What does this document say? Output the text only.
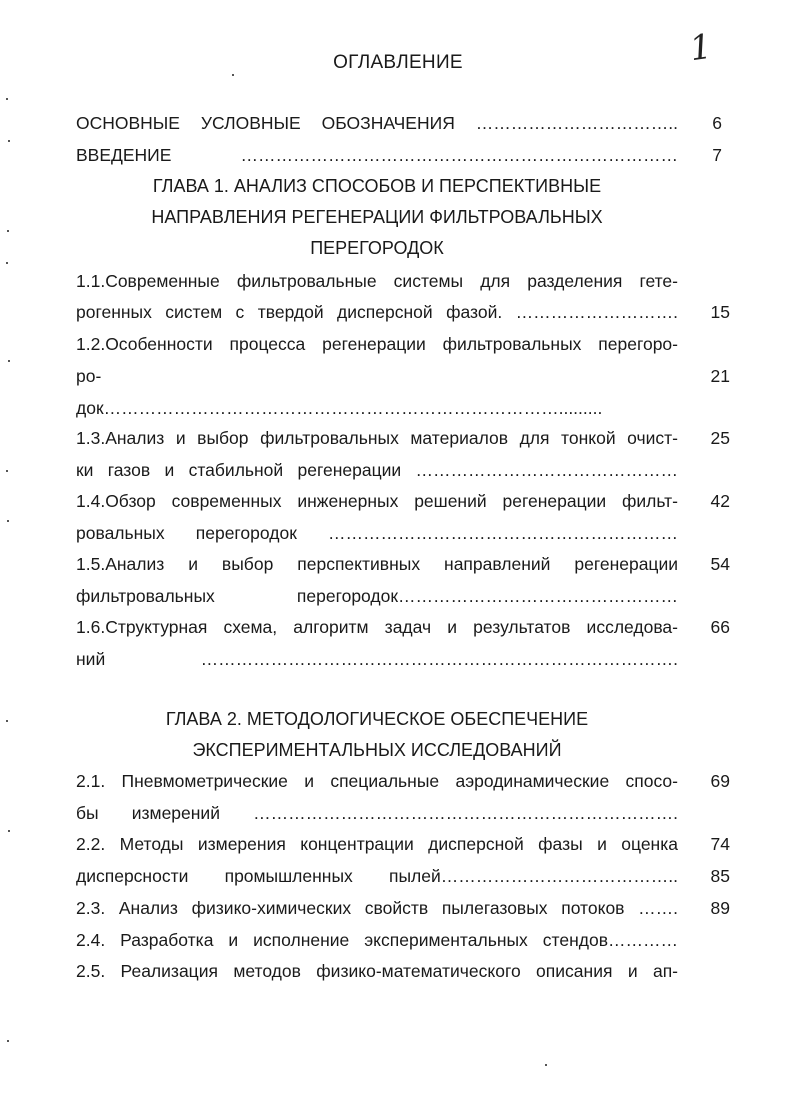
1
ОГЛАВЛЕНИЕ
ОСНОВНЫЕ УСЛОВНЫЕ ОБОЗНАЧЕНИЯ ……………………………..	6
ВВЕДЕНИЕ …………………………………………………………………	7
ГЛАВА 1. АНАЛИЗ СПОСОБОВ И ПЕРСПЕКТИВНЫЕ
НАПРАВЛЕНИЯ РЕГЕНЕРАЦИИ ФИЛЬТРОВАЛЬНЫХ
ПЕРЕГОРОДОК
1.1.Современные фильтровальные системы для разделения гете-
рогенных систем с твердой дисперсной фазой. ……………………….	15
1.2.Особенности процесса регенерации фильтровальных перегоро-
ро-	21
док…………………………………………………………………….........
1.3.Анализ и выбор фильтровальных материалов для тонкой очист-	25
ки газов и стабильной регенерации ………………………………………
1.4.Обзор современных инженерных решений регенерации фильт-	42
ровальных перегородок ……………………………………………………
1.5.Анализ и выбор перспективных направлений регенерации	54
фильтровальных перегородок…………………………………………
1.6.Структурная схема, алгоритм задач и результатов исследова-	66
ний ……………………………………………………………………….
ГЛАВА 2. МЕТОДОЛОГИЧЕСКОЕ ОБЕСПЕЧЕНИЕ
ЭКСПЕРИМЕНТАЛЬНЫХ ИССЛЕДОВАНИЙ
2.1. Пневмометрические и специальные аэродинамические спосо-	69
бы измерений ……………………………………………………………….
2.2. Методы измерения концентрации дисперсной фазы и оценка	74
дисперсности промышленных пылей…………………………………..	85
2.3. Анализ физико-химических свойств пылегазовых потоков …….	89
2.4. Разработка и исполнение экспериментальных стендов…………
2.5. Реализация методов физико-математического описания и ап-
